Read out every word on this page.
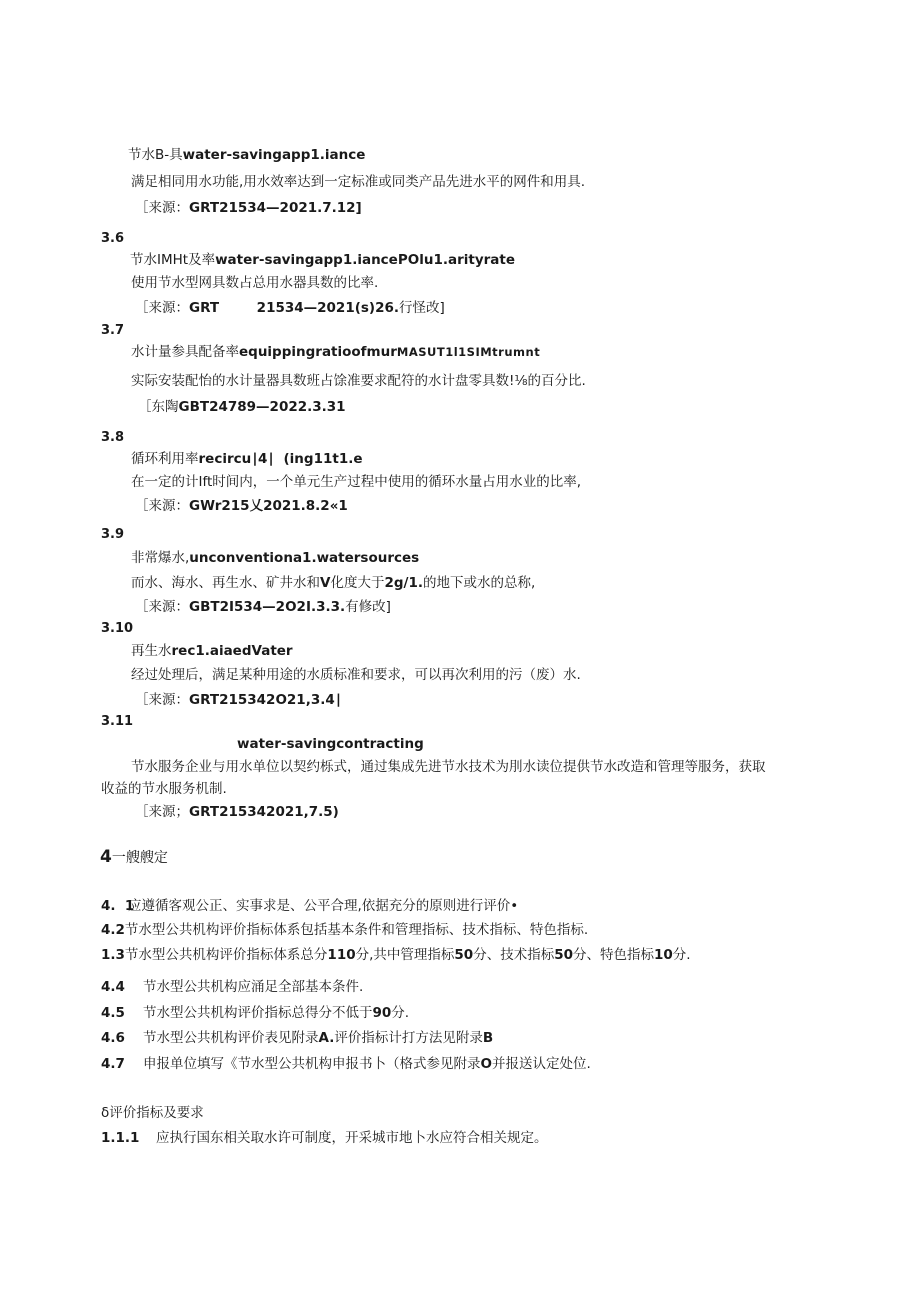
节水B-具water-savingapp1.iance
满足相同用水功能,用水效率达到一定标准或同类产品先进水平的网件和用具.
［来源：GRT21534—2021.7.12]
3.6
节水IMHt及率water-savingapp1.iancePOlu1.arityrate
使用节水型网具数占总用水器具数的比率.
［来源：GRT        21534—2021(s)26.行怪改]
3.7
水计量参具配备率equippingratioofmurMASUT1l1SIMtrumnt
实际安装配怡的水计量器具数班占馀准要求配符的水计盘零具数!⅛的百分比.
［东陶GBT24789—2022.3.31
3.8
循环利用率recircu∣4∣  (ing11t1.e
在一定的计Ift时间内，一个单元生产过程中使用的循环水量占用水业的比率,
［来源：GWr215乂2021.8.2«1
3.9
非常爆水,unconventiona1.watersources
而水、海水、再生水、矿井水和V化度大于2g/1.的地下或水的总称,
［来源：GBT2I534—2O2I.3.3.有修改]
3.10
再生水rec1.aiaedVater
经过处理后，满足某种用途的水质标准和要求，可以再次利用的污（废）水.
［来源：GRT215342O21,3.4∣
3.11
water-savingcontracting
节水服务企业与用水单位以契约栎式，通过集成先进节水技术为刖水读位提供节水改造和管理等服务，获取
收益的节水服务机制.
［来源；GRT215342021,7.5)
4一艘艘定
4.  1应遵循客观公正、实事求是、公平合理,依据充分的原则进行评价•
4.2节水型公共机构评价指标体系包括基本条件和管理指标、技术指标、特色指标.
1.3节水型公共机构评价指标体系总分110分,共中管理指标50分、技术指标50分、特色指标10分.
4.4 节水型公共机构应涌足全部基本条件.
4.5 节水型公共机构评价指标总得分不低于90分.
4.6 节水型公共机构评价表见附录A.评价指标计打方法见附录B
4.7 申报单位填写《节水型公共机构申报书卜（格式参见附录O并报送认定处位.
δ评价指标及要求
1.1.1 应执行国东相关取水许可制度，开采城市地卜水应符合相关规定。
